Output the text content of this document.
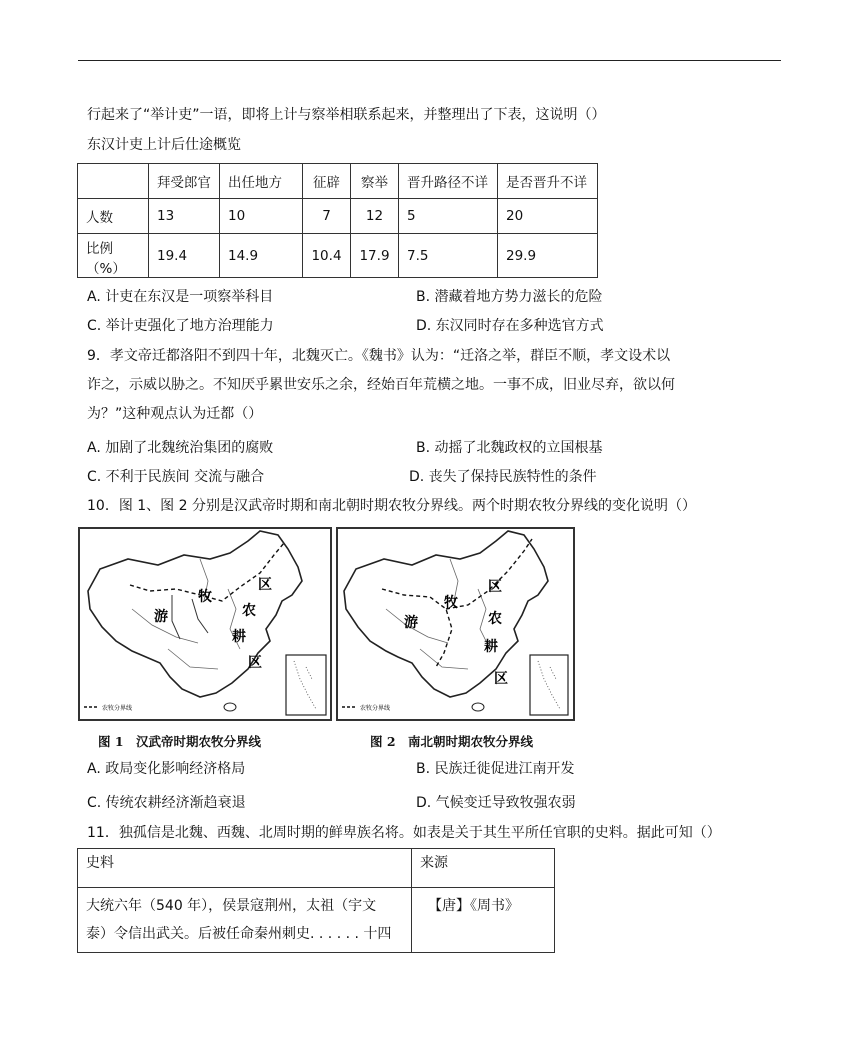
行起来了“举计吏”一语，即将上计与察举相联系起来，并整理出了下表，这说明（）
东汉计吏上计后仕途概览
	拜受郎官	出任地方	征辟	察举	晋升路径不详	是否晋升不详
人数	13	10	7	12	5	20
比例（%）	19.4	14.9	10.4	17.9	7.5	29.9
A. 计吏在东汉是一项察举科目	B. 潜藏着地方势力滋长的危险
C. 举计吏强化了地方治理能力	D. 东汉同时存在多种选官方式
9．孝文帝迁都洛阳不到四十年，北魏灭亡。《魏书》认为：“迁洛之举，群臣不顺，孝文设术以
诈之，示威以胁之。不知厌乎累世安乐之余，经始百年荒横之地。一事不成，旧业尽弃，欲以何
为？”这种观点认为迁都（）
A. 加剧了北魏统治集团的腐败	B. 动摇了北魏政权的立国根基
C. 不利于民族间 交流与融合	D. 丧失了保持民族特性的条件
10．图 1、图 2 分别是汉武帝时期和南北朝时期农牧分界线。两个时期农牧分界线的变化说明（）
牧
游
区
农
耕
区
农牧分界线
牧
游
区
农
耕
区
农牧分界线
图 1　汉武帝时期农牧分界线	图 2　南北朝时期农牧分界线
A. 政局变化影响经济格局	B. 民族迁徙促进江南开发
C. 传统农耕经济渐趋衰退	D. 气候变迁导致牧强农弱
11．独孤信是北魏、西魏、北周时期的鲜卑族名将。如表是关于其生平所任官职的史料。据此可知（）
史料	来源

大统六年（540 年），侯景寇荆州，太祖（宇文
泰）令信出武关。后被任命秦州刺史. . . . . . 十四	【唐】《周书》
